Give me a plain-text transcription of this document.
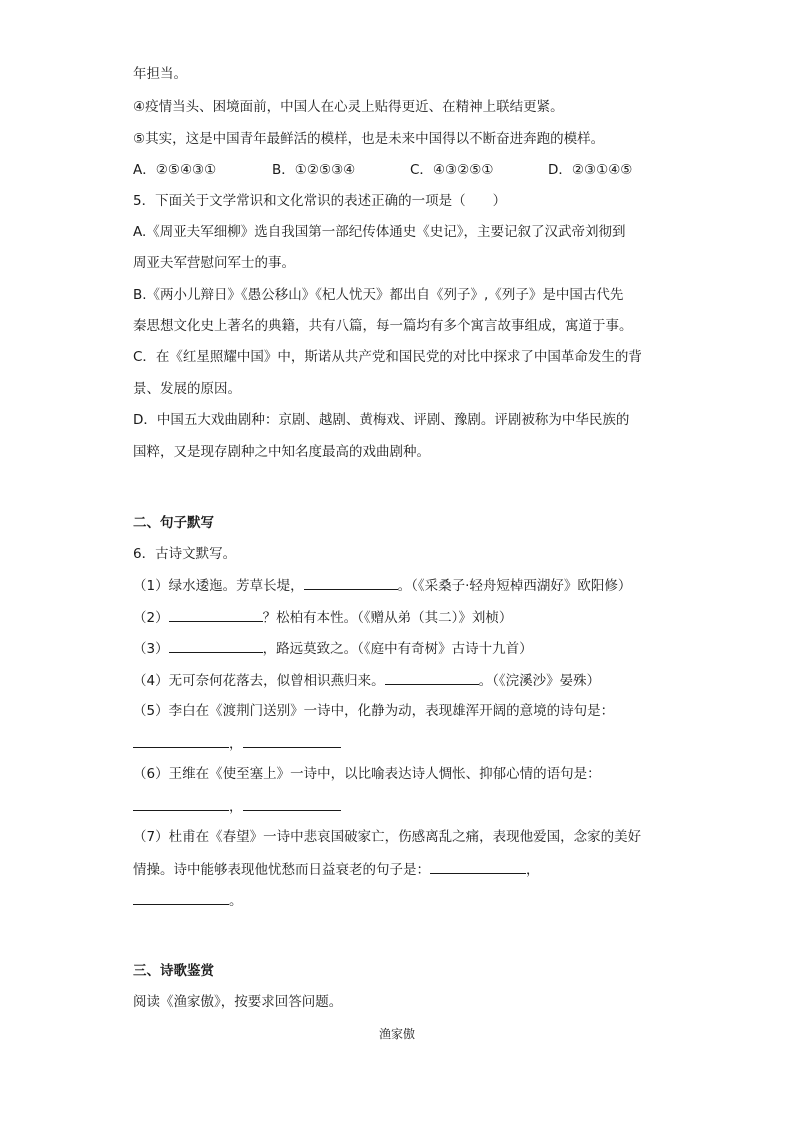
年担当。
④疫情当头、困境面前，中国人在心灵上贴得更近、在精神上联结更紧。
⑤其实，这是中国青年最鲜活的模样，也是未来中国得以不断奋进奔跑的模样。
A．②⑤④③①	B．①②⑤③④	C．④③②⑤①	D．②③①④⑤
5．下面关于文学常识和文化常识的表述正确的一项是（　　）
A.《周亚夫军细柳》选自我国第一部纪传体通史《史记》，主要记叙了汉武帝刘彻到
周亚夫军营慰问军士的事。
B.《两小儿辩日》《愚公移山》《杞人忧天》都出自《列子》,《列子》是中国古代先
秦思想文化史上著名的典籍，共有八篇，每一篇均有多个寓言故事组成，寓道于事。
C．在《红星照耀中国》中，斯诺从共产党和国民党的对比中探求了中国革命发生的背
景、发展的原因。
D．中国五大戏曲剧种：京剧、越剧、黄梅戏、评剧、豫剧。评剧被称为中华民族的
国粹，又是现存剧种之中知名度最高的戏曲剧种。
二、句子默写
6．古诗文默写。
（1）绿水逶迤。芳草长堤，	。（《采桑子·轻舟短棹西湖好》欧阳修）
（2）	？松柏有本性。（《赠从弟（其二）》刘桢）
（3）	，路远莫致之。（《庭中有奇树》古诗十九首）
（4）无可奈何花落去，似曾相识燕归来。	。（《浣溪沙》晏殊）
（5）李白在《渡荆门送别》一诗中，化静为动，表现雄浑开阔的意境的诗句是：
，
（6）王维在《使至塞上》一诗中，以比喻表达诗人惆怅、抑郁心情的语句是：
，
（7）杜甫在《春望》一诗中悲哀国破家亡，伤感离乱之痛，表现他爱国，念家的美好
情操。诗中能够表现他忧愁而日益衰老的句子是：	，
。
三、诗歌鉴赏
阅读《渔家傲》，按要求回答问题。
渔家傲
